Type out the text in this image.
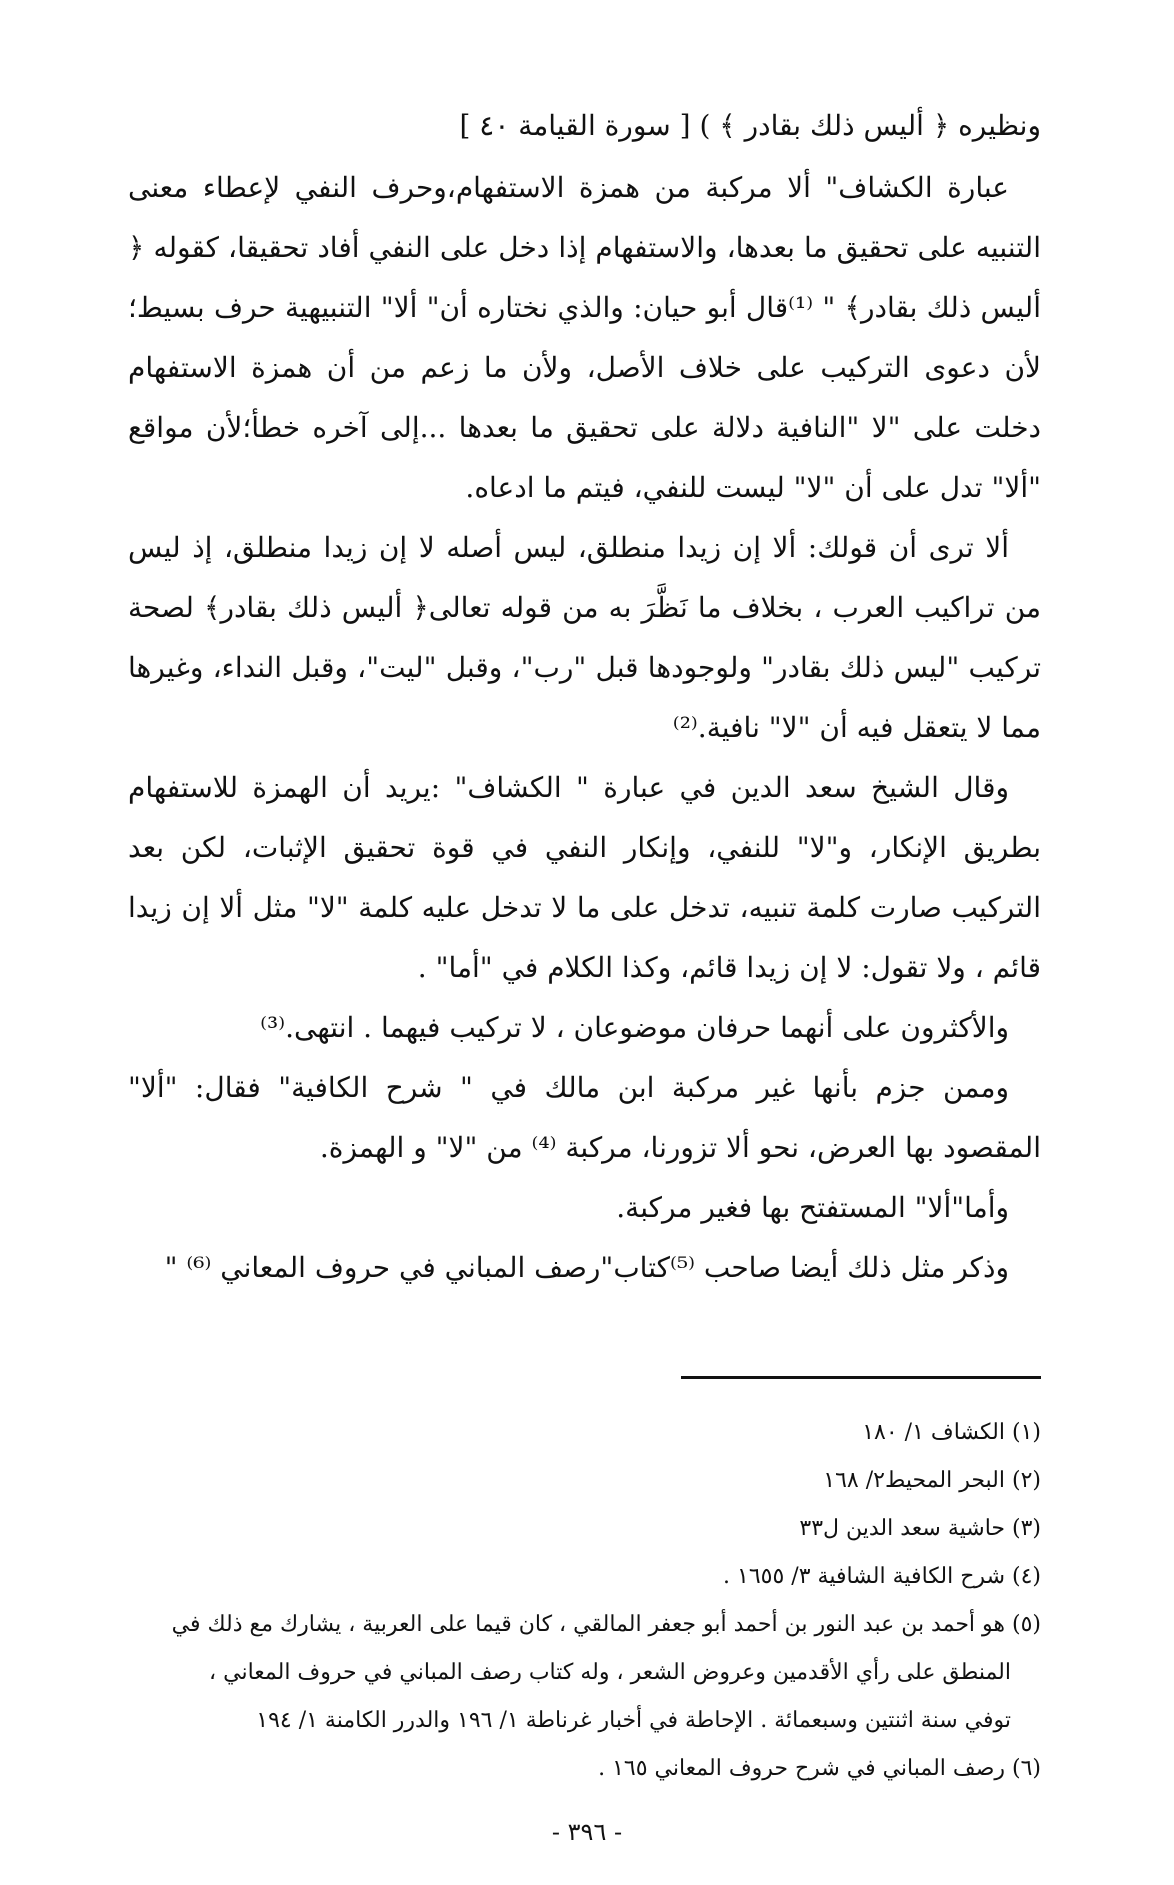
ونظيره ﴿ أليس ذلك بقادر ﴾ ) [ سورة القيامة ٤٠ ]

عبارة الكشاف" ألا مركبة من همزة الاستفهام،وحرف النفي لإعطاء معنى التنبيه على تحقيق ما بعدها، والاستفهام إذا دخل على النفي أفاد تحقيقا، كقوله ﴿ أليس ذلك بقادر﴾ " ⁽¹⁾قال أبو حيان: والذي نختاره أن" ألا" التنبيهية حرف بسيط؛لأن دعوى التركيب على خلاف الأصل، ولأن ما زعم من أن همزة الاستفهام دخلت على "لا "النافية دلالة على تحقيق ما بعدها ...إلى آخره خطأ؛لأن مواقع "ألا" تدل على أن "لا" ليست للنفي، فيتم ما ادعاه.

ألا ترى أن قولك: ألا إن زيدا منطلق، ليس أصله لا إن زيدا منطلق، إذ ليس من تراكيب العرب ، بخلاف ما نَظَّرَ به من قوله تعالى﴿ أليس ذلك بقادر﴾ لصحة تركيب "ليس ذلك بقادر" ولوجودها قبل "رب"، وقبل "ليت"، وقبل النداء، وغيرها مما لا يتعقل فيه أن "لا" نافية.⁽²⁾

وقال الشيخ سعد الدين في عبارة " الكشاف" :يريد أن الهمزة للاستفهام بطريق الإنكار، و"لا" للنفي، وإنكار النفي في قوة تحقيق الإثبات، لكن بعد التركيب صارت كلمة تنبيه، تدخل على ما لا تدخل عليه كلمة "لا" مثل ألا إن زيدا قائم ، ولا تقول: لا إن زيدا قائم، وكذا الكلام في "أما" .

والأكثرون على أنهما حرفان موضوعان ، لا تركيب فيهما . انتهى.⁽³⁾

وممن جزم بأنها غير مركبة ابن مالك في " شرح الكافية" فقال: "ألا" المقصود بها العرض، نحو ألا تزورنا، مركبة ⁽⁴⁾ من "لا" و الهمزة.

وأما"ألا" المستفتح بها فغير مركبة.

وذكر مثل ذلك أيضا صاحب ⁽⁵⁾كتاب"رصف المباني في حروف المعاني ⁽⁶⁾ "

(١) الكشاف ١/ ١٨٠

(٢) البحر المحيط٢/ ١٦٨

(٣) حاشية سعد الدين ل٣٣

(٤) شرح الكافية الشافية ٣/ ١٦٥٥ .

(٥) هو أحمد بن عبد النور بن أحمد أبو جعفر المالقي ، كان قيما على العربية ، يشارك مع ذلك في

المنطق على رأي الأقدمين وعروض الشعر ، وله كتاب رصف المباني في حروف المعاني ،

توفي سنة اثنتين وسبعمائة . الإحاطة في أخبار غرناطة ١/ ١٩٦ والدرر الكامنة ١/ ١٩٤

(٦) رصف المباني في شرح حروف المعاني ١٦٥ .

- ٣٩٦ -
